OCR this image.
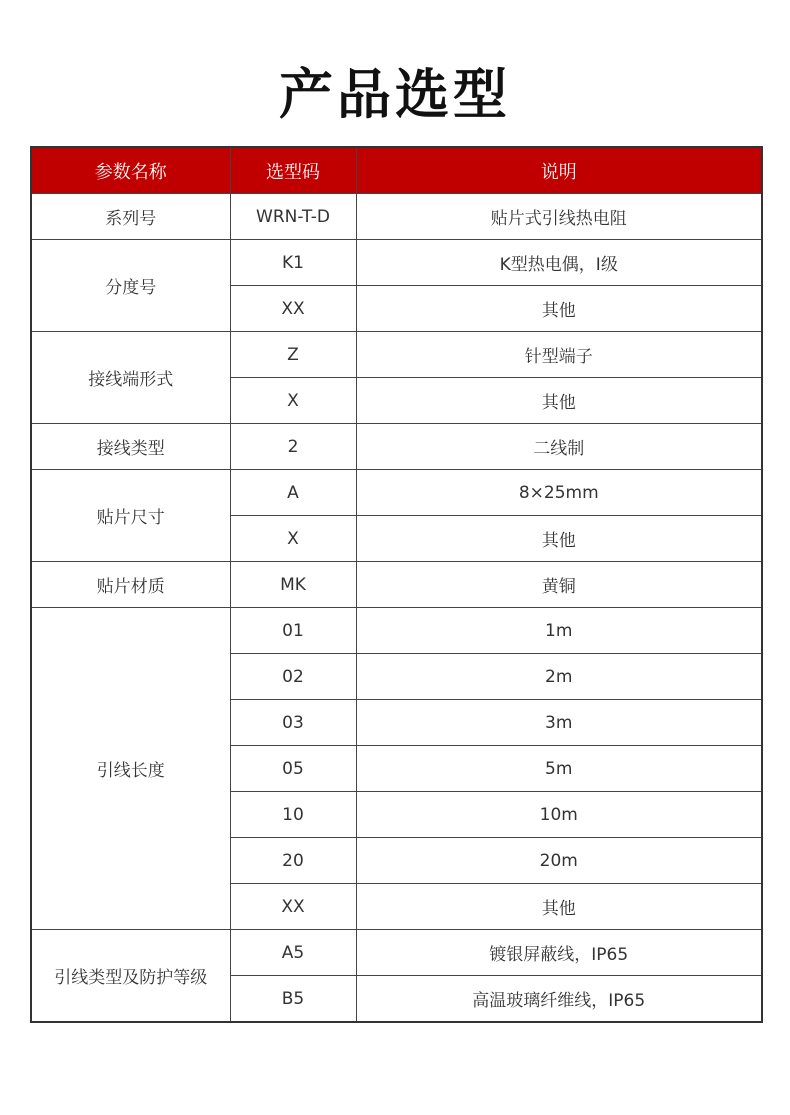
产品选型
参数名称	选型码	说明
系列号	WRN-T-D	贴片式引线热电阻
分度号	K1	K型热电偶，Ⅰ级
	XX	其他
接线端形式	Z	针型端子
	X	其他
接线类型	2	二线制
贴片尺寸	A	8×25mm
	X	其他
贴片材质	MK	黄铜
引线长度	01	1m
	02	2m
	03	3m
	05	5m
	10	10m
	20	20m
	XX	其他
引线类型及防护等级	A5	镀银屏蔽线，IP65
	B5	高温玻璃纤维线，IP65
